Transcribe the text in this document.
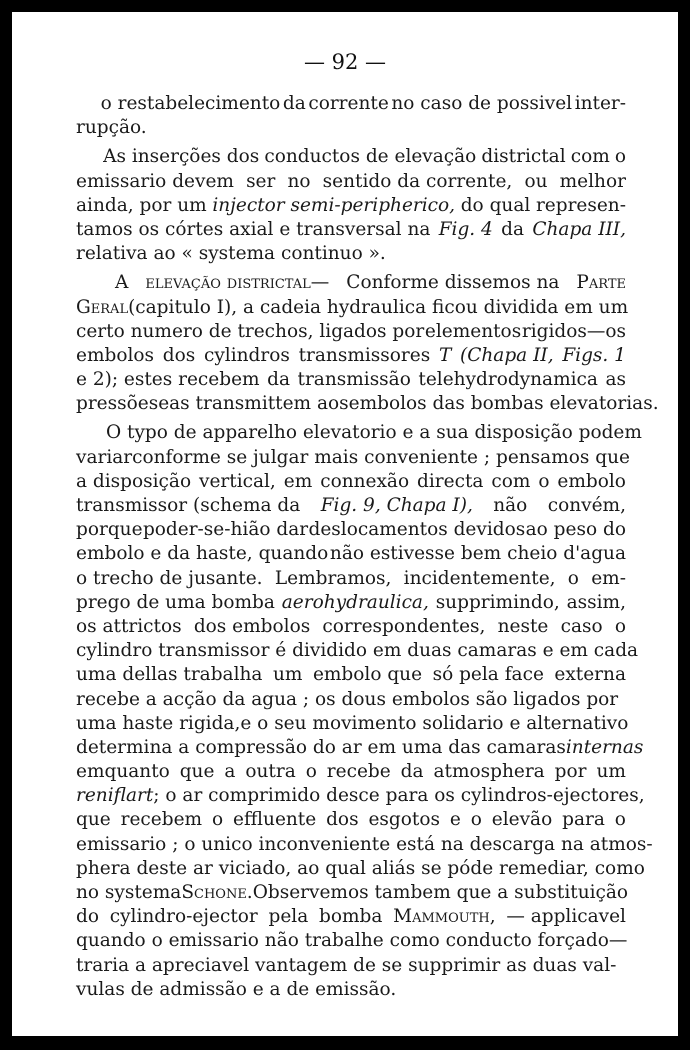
— 92 —
o restabelecimento da corrente no caso de possivel inter-
rupção.
As inserções dos conductos de elevação districtal com o
emissario devem ser no sentido da corrente, ou melhor
ainda, por um injector semi-peripherico, do qual represen-
tamos os córtes axial e transversal na Fig. 4 da Chapa III,
relativa ao « systema continuo ».
A elevação districtal— Conforme dissemos na Parte
Geral (capitulo I), a cadeia hydraulica ficou dividida em um
certo numero de trechos, ligados por elementos rigidos—os
embolos dos cylindros transmissores T (Chapa II, Figs. 1
e 2); estes recebem da transmissão telehydrodynamica as
pressõeseas transmittem aosembolos das bombas elevatorias.
O typo de apparelho elevatorio e a sua disposição podem
variar conforme se julgar mais conveniente ; pensamos que
a disposição vertical, em connexão directa com o embolo
transmissor (schema da Fig. 9, Chapa I), não convém,
porque poder-se-hião dar deslocamentos devidos ao peso do
embolo e da haste, quando não estivesse bem cheio d'agua
o trecho de jusante. Lembramos, incidentemente, o em-
prego de uma bomba aerohydraulica, supprimindo, assim,
os attrictos dos embolos correspondentes, neste caso o
cylindro transmissor é dividido em duas camaras e em cada
uma dellas trabalha um embolo que só pela face externa
recebe a acção da agua ; os dous embolos são ligados por
uma haste rigida, e o seu movimento solidario e alternativo
determina a compressão do ar em uma das camaras internas
emquanto que a outra o recebe da atmosphera por um
reniflart ; o ar comprimido desce para os cylindros-ejectores,
que recebem o effluente dos esgotos e o elevão para o
emissario ; o unico inconveniente está na descarga na atmos-
phera deste ar viciado, ao qual aliás se póde remediar, como
no systema Schone. Observemos tambem que a substituição
do cylindro-ejector pela bomba Mammouth, — applicavel
quando o emissario não trabalhe como conducto forçado—
traria a apreciavel vantagem de se supprimir as duas val-
vulas de admissão e a de emissão.
